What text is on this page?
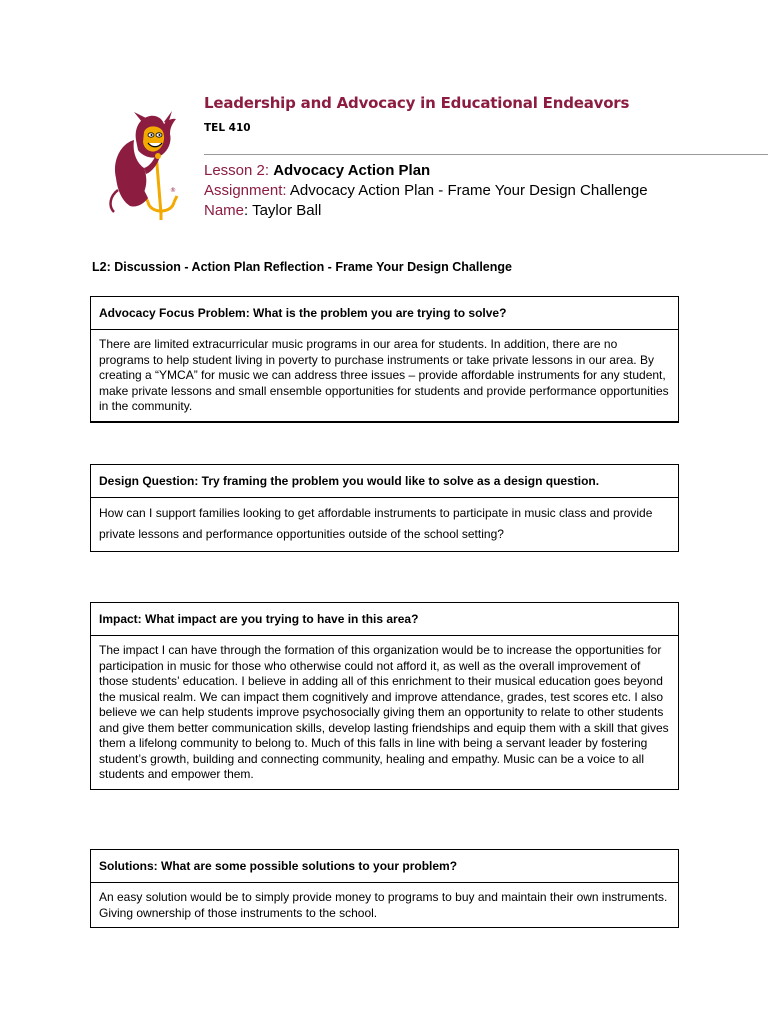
®
Leadership and Advocacy in Educational Endeavors
TEL 410
Lesson 2: Advocacy Action Plan
Assignment: Advocacy Action Plan - Frame Your Design Challenge
Name: Taylor Ball
L2: Discussion - Action Plan Reflection - Frame Your Design Challenge
Advocacy Focus Problem: What is the problem you are trying to solve?
There are limited extracurricular music programs in our area for students. In addition, there are no programs to help student living in poverty to purchase instruments or take private lessons in our area. By creating a “YMCA” for music we can address three issues – provide affordable instruments for any student, make private lessons and small ensemble opportunities for students and provide performance opportunities in the community.
Design Question: Try framing the problem you would like to solve as a design question.
How can I support families looking to get affordable instruments to participate in music class and provide private lessons and performance opportunities outside of the school setting?
Impact: What impact are you trying to have in this area?
The impact I can have through the formation of this organization would be to increase the opportunities for participation in music for those who otherwise could not afford it, as well as the overall improvement of those students’ education. I believe in adding all of this enrichment to their musical education goes beyond the musical realm. We can impact them cognitively and improve attendance, grades, test scores etc. I also believe we can help students improve psychosocially giving them an opportunity to relate to other students and give them better communication skills, develop lasting friendships and equip them with a skill that gives them a lifelong community to belong to. Much of this falls in line with being a servant leader by fostering student’s growth, building and connecting community, healing and empathy. Music can be a voice to all students and empower them.
Solutions: What are some possible solutions to your problem?
An easy solution would be to simply provide money to programs to buy and maintain their own instruments. Giving ownership of those instruments to the school.
